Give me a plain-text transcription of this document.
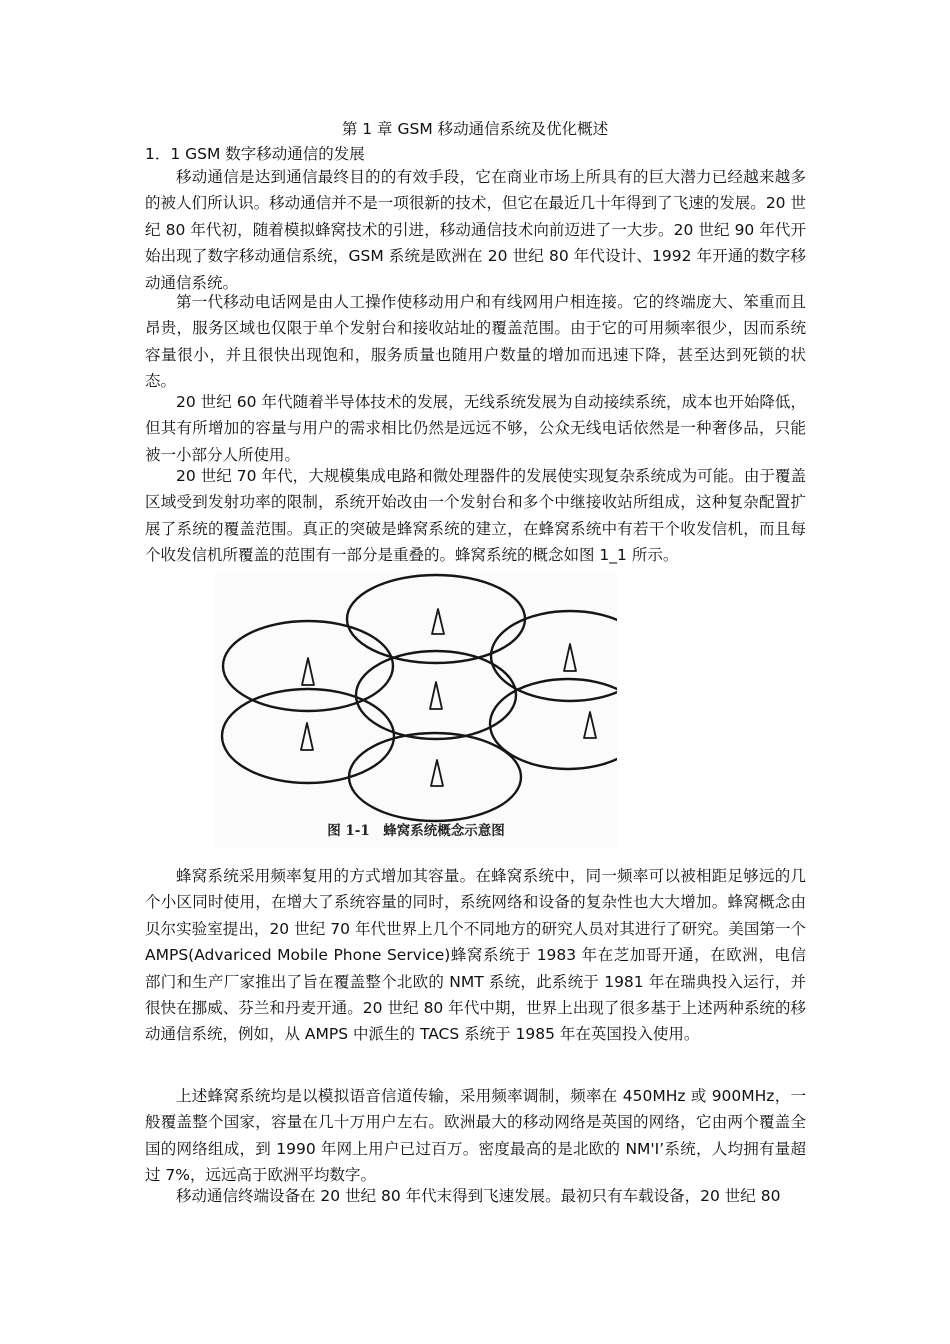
第 1 章 GSM 移动通信系统及优化概述
1．1 GSM 数字移动通信的发展

移动通信是达到通信最终目的的有效手段，它在商业市场上所具有的巨大潜力已经越来越多的被人们所认识。移动通信并不是一项很新的技术，但它在最近几十年得到了飞速的发展。20 世纪 80 年代初，随着模拟蜂窝技术的引进，移动通信技术向前迈进了一大步。20 世纪 90 年代开始出现了数字移动通信系统，GSM 系统是欧洲在 20 世纪 80 年代设计、1992 年开通的数字移动通信系统。

第一代移动电话网是由人工操作使移动用户和有线网用户相连接。它的终端庞大、笨重而且昂贵，服务区域也仅限于单个发射台和接收站址的覆盖范围。由于它的可用频率很少，因而系统容量很小，并且很快出现饱和，服务质量也随用户数量的增加而迅速下降，甚至达到死锁的状态。

20 世纪 60 年代随着半导体技术的发展，无线系统发展为自动接续系统，成本也开始降低，但其有所增加的容量与用户的需求相比仍然是远远不够，公众无线电话依然是一种奢侈品，只能被一小部分人所使用。

20 世纪 70 年代，大规模集成电路和微处理器件的发展使实现复杂系统成为可能。由于覆盖区域受到发射功率的限制，系统开始改由一个发射台和多个中继接收站所组成，这种复杂配置扩展了系统的覆盖范围。真正的突破是蜂窝系统的建立，在蜂窝系统中有若干个收发信机，而且每个收发信机所覆盖的范围有一部分是重叠的。蜂窝系统的概念如图 1_1 所示。

图 1-1　蜂窝系统概念示意图

蜂窝系统采用频率复用的方式增加其容量。在蜂窝系统中，同一频率可以被相距足够远的几个小区同时使用，在增大了系统容量的同时，系统网络和设备的复杂性也大大增加。蜂窝概念由贝尔实验室提出，20 世纪 70 年代世界上几个不同地方的研究人员对其进行了研究。美国第一个 AMPS(Advariced Mobile Phone Service)蜂窝系统于 1983 年在芝加哥开通，在欧洲，电信部门和生产厂家推出了旨在覆盖整个北欧的 NMT 系统，此系统于 1981 年在瑞典投入运行，并很快在挪威、芬兰和丹麦开通。20 世纪 80 年代中期，世界上出现了很多基于上述两种系统的移动通信系统，例如，从 AMPS 中派生的 TACS 系统于 1985 年在英国投入使用。

上述蜂窝系统均是以模拟语音信道传输，采用频率调制，频率在 450MHz 或 900MHz，一般覆盖整个国家，容量在几十万用户左右。欧洲最大的移动网络是英国的网络，它由两个覆盖全国的网络组成，到 1990 年网上用户已过百万。密度最高的是北欧的 NM'I’系统，人均拥有量超过 7%，远远高于欧洲平均数字。

移动通信终端设备在 20 世纪 80 年代末得到飞速发展。最初只有车载设备，20 世纪 80
